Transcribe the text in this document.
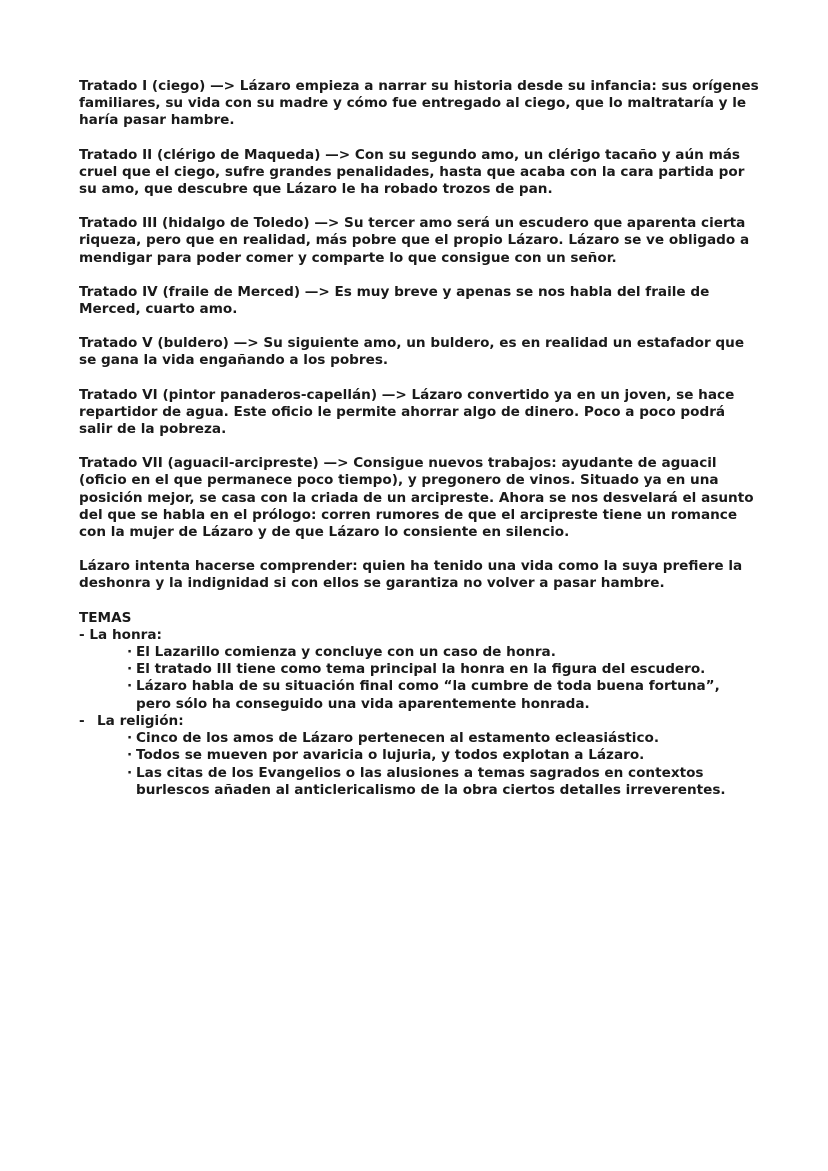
Tratado I (ciego) —> Lázaro empieza a narrar su historia desde su infancia: sus orígenes familiares, su vida con su madre y cómo fue entregado al ciego, que lo maltrataría y le haría pasar hambre.

Tratado II (clérigo de Maqueda) —> Con su segundo amo, un clérigo tacaño y aún más cruel que el ciego, sufre grandes penalidades, hasta que acaba con la cara partida por su amo, que descubre que Lázaro le ha robado trozos de pan.

Tratado III (hidalgo de Toledo) —> Su tercer amo será un escudero que aparenta cierta riqueza, pero que en realidad, más pobre que el propio Lázaro. Lázaro se ve obligado a mendigar para poder comer y comparte lo que consigue con un señor.

Tratado IV (fraile de Merced) —> Es muy breve y apenas se nos habla del fraile de Merced, cuarto amo.

Tratado V (buldero) —> Su siguiente amo, un buldero, es en realidad un estafador que se gana la vida engañando a los pobres.

Tratado VI (pintor panaderos-capellán) —> Lázaro convertido ya en un joven, se hace repartidor de agua. Este oficio le permite ahorrar algo de dinero. Poco a poco podrá salir de la pobreza.

Tratado VII (aguacil-arcipreste) —> Consigue nuevos trabajos: ayudante de aguacil (oficio en el que permanece poco tiempo), y pregonero de vinos. Situado ya en una posición mejor, se casa con la criada de un arcipreste. Ahora se nos desvelará el asunto del que se habla en el prólogo: corren rumores de que el arcipreste tiene un romance con la mujer de Lázaro y de que Lázaro lo consiente en silencio.

Lázaro intenta hacerse comprender: quien ha tenido una vida como la suya prefiere la deshonra y la indignidad si con ellos se garantiza no volver a pasar hambre.

TEMAS

- La honra:

· El Lazarillo comienza y concluye con un caso de honra.
· El tratado III tiene como tema principal la honra en la figura del escudero.
· Lázaro habla de su situación final como “la cumbre de toda buena fortuna”, pero sólo ha conseguido una vida aparentemente honrada.

- La religión:

· Cinco de los amos de Lázaro pertenecen al estamento ecleasiástico.
· Todos se mueven por avaricia o lujuria, y todos explotan a Lázaro.
· Las citas de los Evangelios o las alusiones a temas sagrados en contextos burlescos añaden al anticlericalismo de la obra ciertos detalles irreverentes.
